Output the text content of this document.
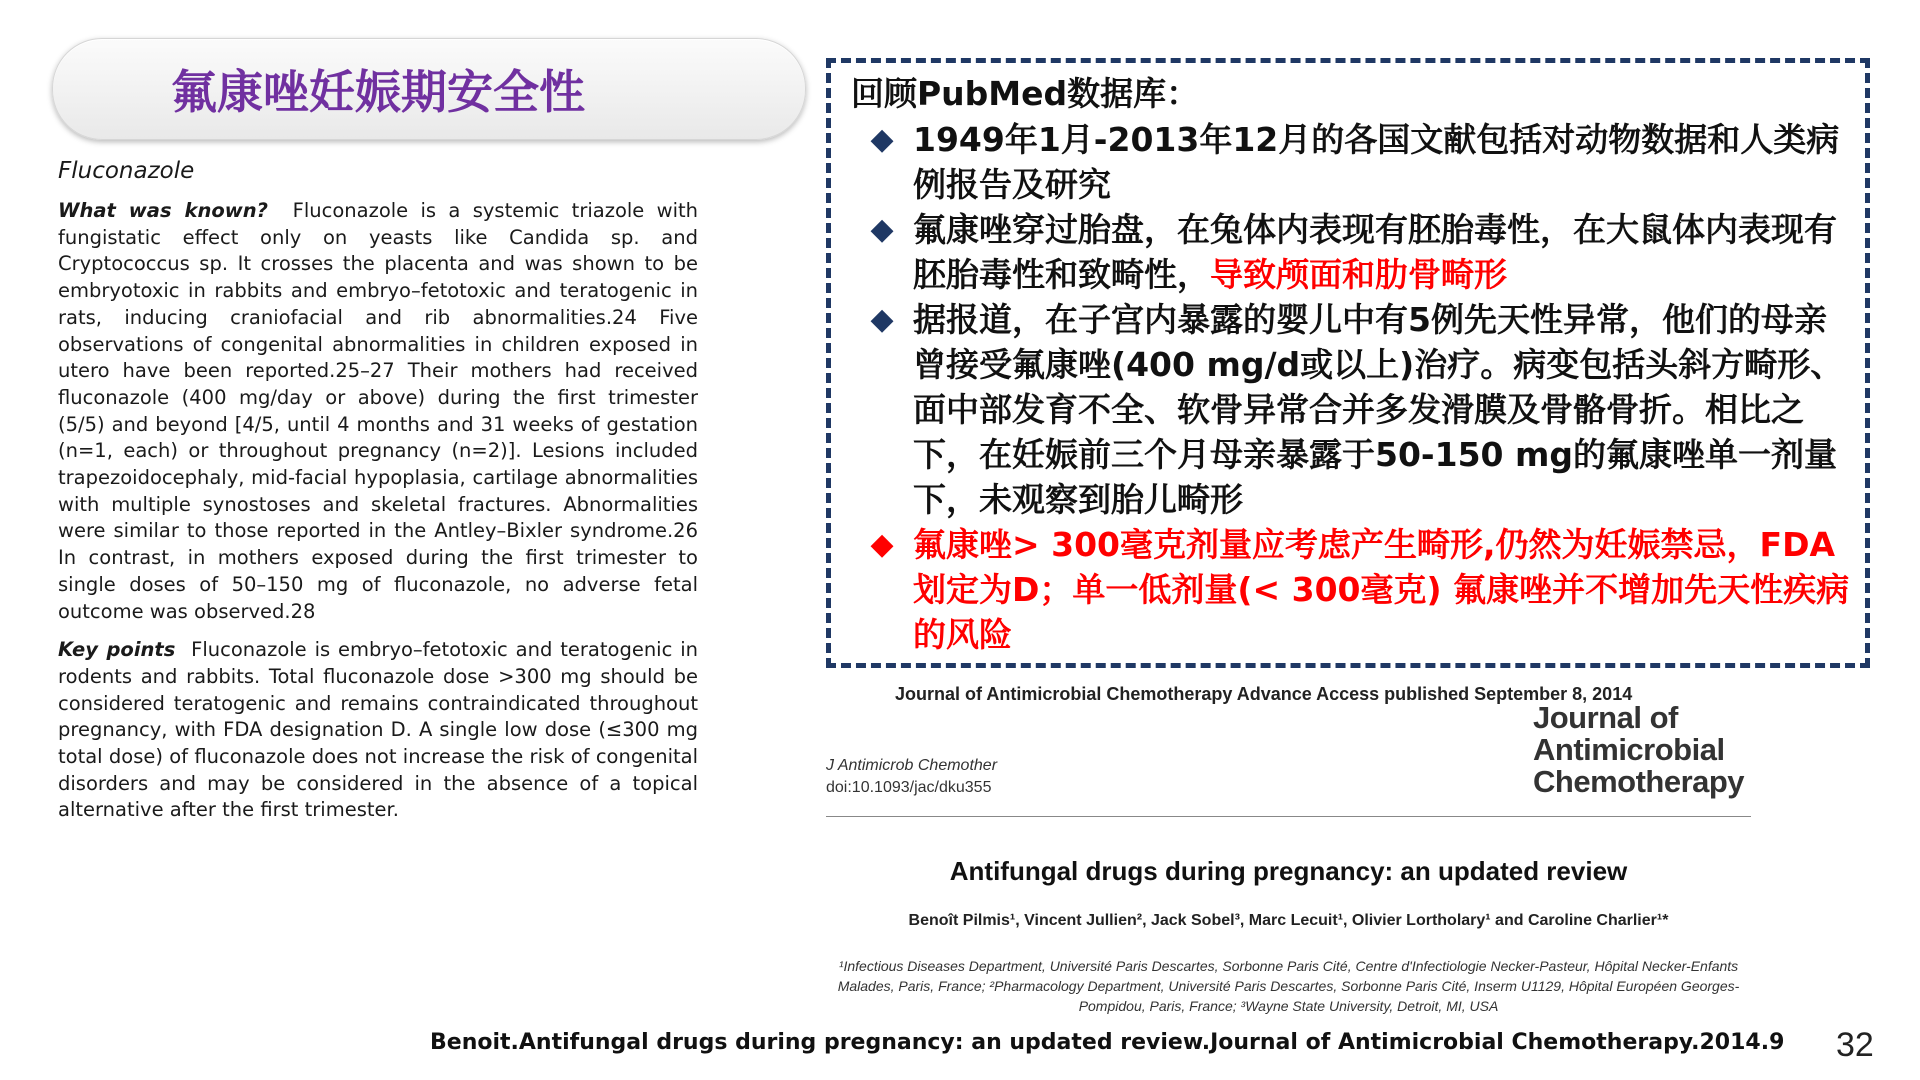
氟康唑妊娠期安全性
Fluconazole

What was known? Fluconazole is a systemic triazole with fungistatic effect only on yeasts like Candida sp. and Cryptococcus sp. It crosses the placenta and was shown to be embryotoxic in rabbits and embryo–fetotoxic and teratogenic in rats, inducing craniofacial and rib abnormalities.24 Five observations of congenital abnormalities in children exposed in utero have been reported.25–27 Their mothers had received fluconazole (400 mg/day or above) during the first trimester (5/5) and beyond [4/5, until 4 months and 31 weeks of gestation (n=1, each) or throughout pregnancy (n=2)]. Lesions included trapezoidocephaly, mid-facial hypoplasia, cartilage abnormalities with multiple synostoses and skeletal fractures. Abnormalities were similar to those reported in the Antley–Bixler syndrome.26 In contrast, in mothers exposed during the first trimester to single doses of 50–150 mg of fluconazole, no adverse fetal outcome was observed.28

Key points Fluconazole is embryo–fetotoxic and teratogenic in rodents and rabbits. Total fluconazole dose >300 mg should be considered teratogenic and remains contraindicated throughout pregnancy, with FDA designation D. A single low dose (≤300 mg total dose) of fluconazole does not increase the risk of congenital disorders and may be considered in the absence of a topical alternative after the first trimester.

回顾PubMed数据库：
◆ 1949年1月-2013年12月的各国文献包括对动物数据和人类病例报告及研究
◆ 氟康唑穿过胎盘，在兔体内表现有胚胎毒性，在大鼠体内表现有胚胎毒性和致畸性，导致颅面和肋骨畸形
◆ 据报道，在子宫内暴露的婴儿中有5例先天性异常，他们的母亲曾接受氟康唑(400 mg/d或以上)治疗。病变包括头斜方畸形、面中部发育不全、软骨异常合并多发滑膜及骨骼骨折。相比之下，在妊娠前三个月母亲暴露于50-150 mg的氟康唑单一剂量下，未观察到胎儿畸形
◆ 氟康唑> 300毫克剂量应考虑产生畸形,仍然为妊娠禁忌，FDA划定为D；单一低剂量(< 300毫克) 氟康唑并不增加先天性疾病的风险
Journal of Antimicrobial Chemotherapy Advance Access published September 8, 2014
J Antimicrob Chemother
doi:10.1093/jac/dku355
Journal of
Antimicrobial
Chemotherapy
Antifungal drugs during pregnancy: an updated review
Benoît Pilmis¹, Vincent Jullien², Jack Sobel³, Marc Lecuit¹, Olivier Lortholary¹ and Caroline Charlier¹*
¹Infectious Diseases Department, Université Paris Descartes, Sorbonne Paris Cité, Centre d'Infectiologie Necker-Pasteur, Hôpital Necker-Enfants Malades, Paris, France; ²Pharmacology Department, Université Paris Descartes, Sorbonne Paris Cité, Inserm U1129, Hôpital Européen Georges-Pompidou, Paris, France; ³Wayne State University, Detroit, MI, USA
Benoit.Antifungal drugs during pregnancy: an updated review.Journal of Antimicrobial Chemotherapy.2014.9 32
